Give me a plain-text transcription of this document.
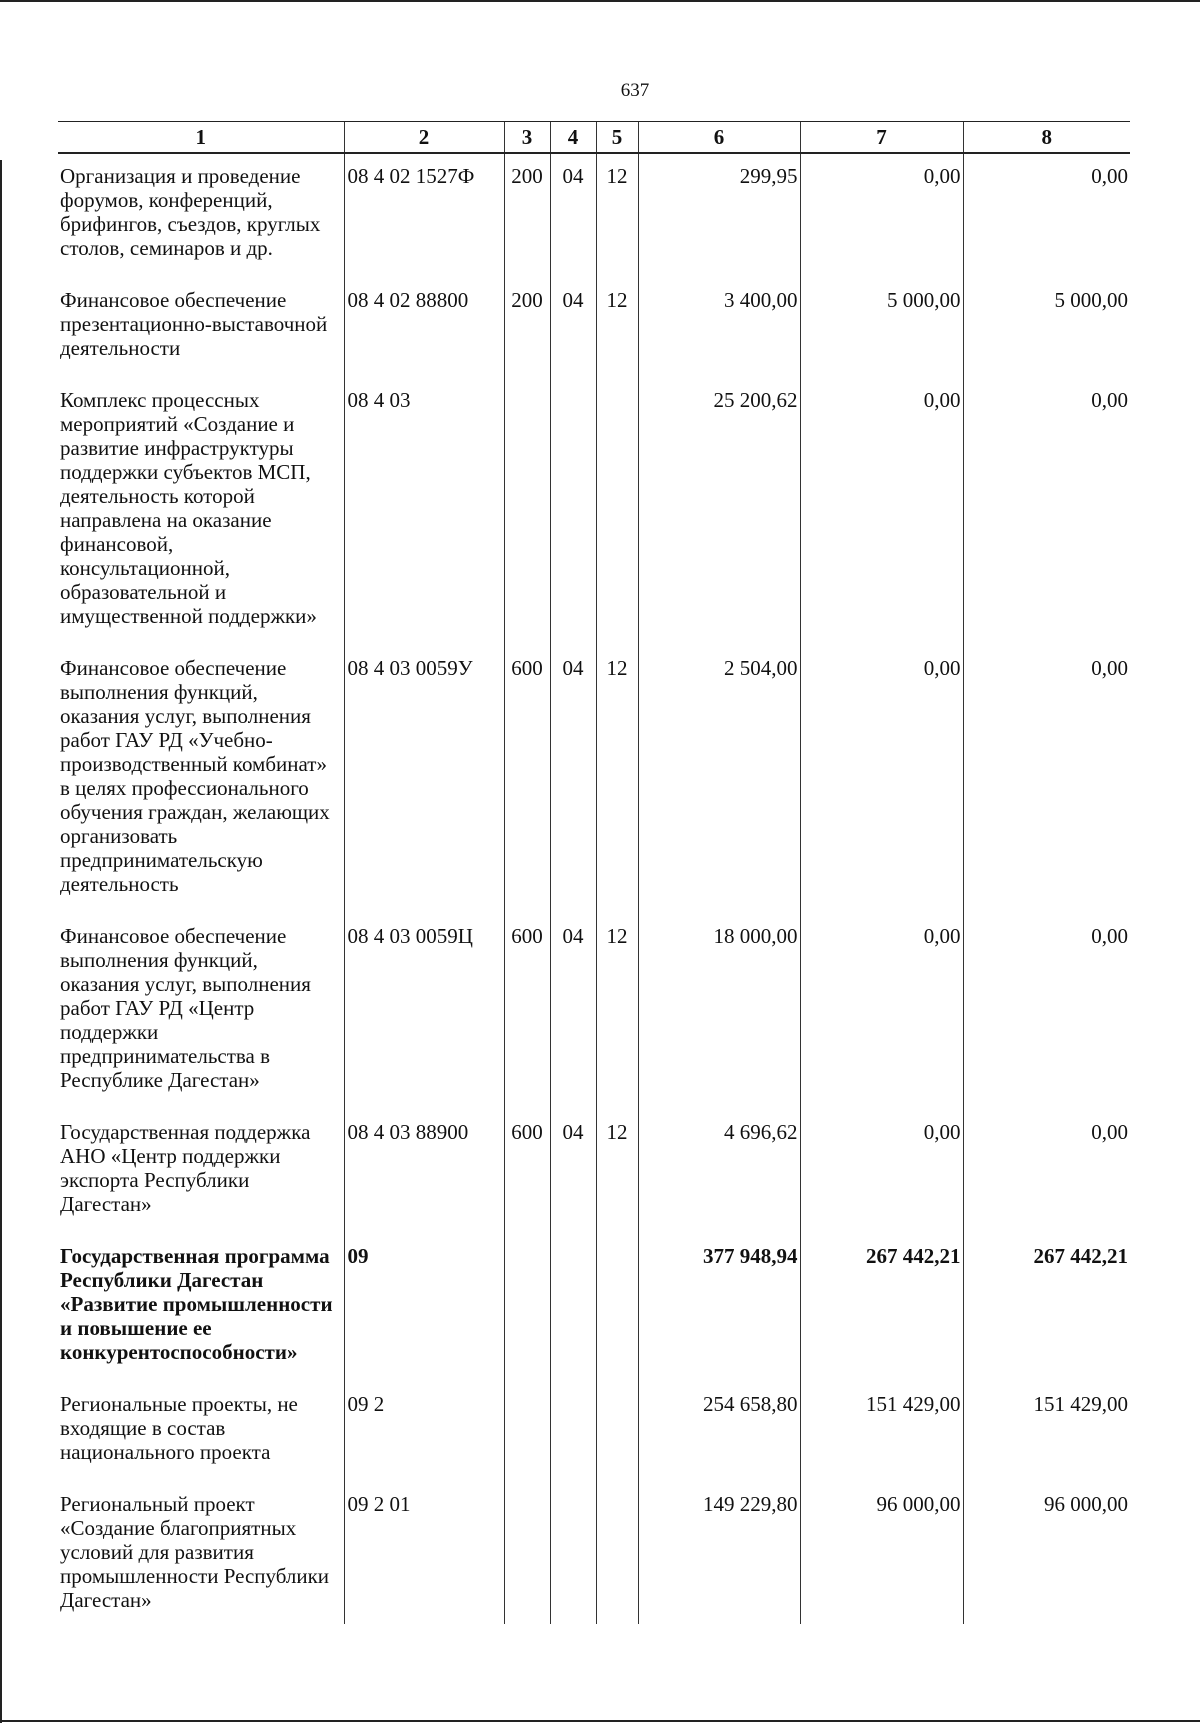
637
1	2	3	4	5	6	7	8
Организация и проведение форумов, конференций, брифингов, съездов, круглых столов, семинаров и др.	08 4 02 1527Ф	200	04	12	299,95	0,00	0,00
Финансовое обеспечение презентационно-выставочной деятельности	08 4 02 88800	200	04	12	3 400,00	5 000,00	5 000,00
Комплекс процессных мероприятий «Создание и развитие инфраструктуры поддержки субъектов МСП, деятельность которой направлена на оказание финансовой, консультационной, образовательной и имущественной поддержки»	08 4 03				25 200,62	0,00	0,00
Финансовое обеспечение выполнения функций, оказания услуг, выполнения работ ГАУ РД «Учебно-производственный комбинат» в целях профессионального обучения граждан, желающих организовать предпринимательскую деятельность	08 4 03 0059У	600	04	12	2 504,00	0,00	0,00
Финансовое обеспечение выполнения функций, оказания услуг, выполнения работ ГАУ РД «Центр поддержки предпринимательства в Республике Дагестан»	08 4 03 0059Ц	600	04	12	18 000,00	0,00	0,00
Государственная поддержка АНО «Центр поддержки экспорта Республики Дагестан»	08 4 03 88900	600	04	12	4 696,62	0,00	0,00
Государственная программа Республики Дагестан «Развитие промышленности и повышение ее конкурентоспособности»	09				377 948,94	267 442,21	267 442,21
Региональные проекты, не входящие в состав национального проекта	09 2				254 658,80	151 429,00	151 429,00
Региональный проект «Создание благоприятных условий для развития промышленности Республики Дагестан»	09 2 01				149 229,80	96 000,00	96 000,00
